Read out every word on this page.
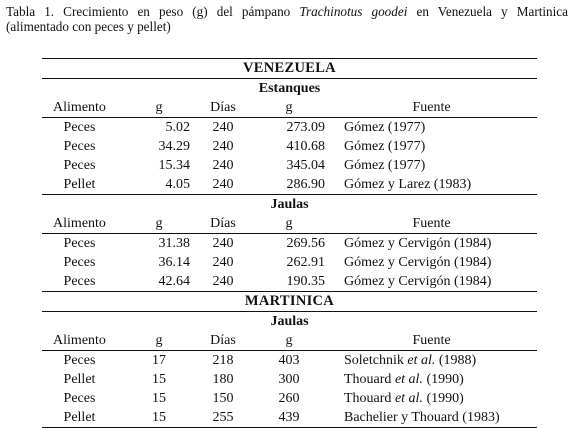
Tabla 1. Crecimiento en peso (g) del pámpano Trachinotus goodei en Venezuela y Martinica
(alimentado con peces y pellet)
VENEZUELA
Estanques
Alimento	g	Días	g	Fuente
Peces	5.02	240	273.09 Gómez (1977)
Peces	34.29	240	410.68 Gómez (1977)
Peces	15.34	240	345.04 Gómez (1977)
Pellet	4.05	240	286.90 Gómez y Larez (1983)
Jaulas
Alimento	g	Días	g	Fuente
Peces	31.38	240	269.56 Gómez y Cervigón (1984)
Peces	36.14	240	262.91 Gómez y Cervigón (1984)
Peces	42.64	240	190.35 Gómez y Cervigón (1984)
MARTINICA
Jaulas
Alimento	g	Días	g	Fuente
Peces	17	218	403	Soletchnik et al. (1988)
Pellet	15	180	300	Thouard et al. (1990)
Peces	15	150	260	Thouard et al. (1990)
Pellet	15	255	439	Bachelier y Thouard (1983)
